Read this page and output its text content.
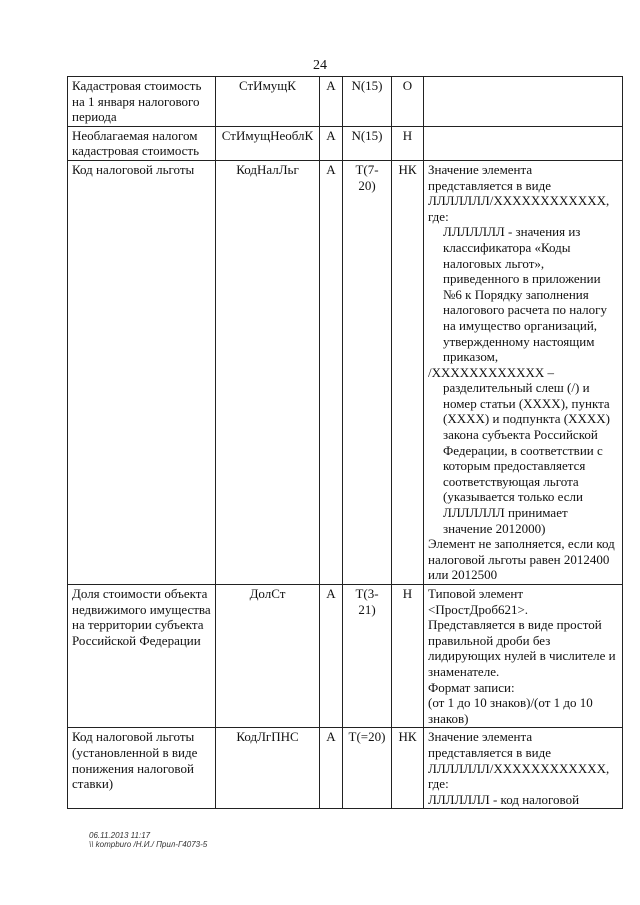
24
Кадастровая стоимость на 1 января налогового периода	СтИмущК	А	N(15)	О	
Необлагаемая налогом кадастровая стоимость	СтИмущНеоблК	А	N(15)	Н	
Код налоговой льготы	КодНалЛьг	А	Т(7-20)	НК	Значение элемента представляется в виде ЛЛЛЛЛЛЛ/ХХХХХХХХХХХХ, где:
ЛЛЛЛЛЛЛ - значения из классификатора «Коды налоговых льгот», приведенного в приложении №6 к Порядку заполнения налогового расчета по налогу на имущество организаций, утвержденному настоящим приказом,
/ХХХХХХХХХХХХ –
разделительный слеш (/) и номер статьи (ХХХХ), пункта (ХХХХ) и подпункта (ХХХХ) закона субъекта Российской Федерации, в соответствии с которым предоставляется соответствующая льгота (указывается только если ЛЛЛЛЛЛЛ принимает значение 2012000)
Элемент не заполняется, если код налоговой льготы равен 2012400 или 2012500

Доля стоимости объекта недвижимого имущества на территории субъекта Российской Федерации	ДолСт	А	Т(3-21)	Н	Типовой элемент <ПростДроб621>.
Представляется в виде простой правильной дроби без лидирующих нулей в числителе и знаменателе.
Формат записи:
(от 1 до 10 знаков)/(от 1 до 10 знаков)

Код налоговой льготы (установленной в виде понижения налоговой ставки)	КодЛгПНС	А	Т(=20)	НК	Значение элемента представляется в виде ЛЛЛЛЛЛЛ/ХХХХХХХХХХХХ, где:
ЛЛЛЛЛЛЛ - код налоговой
06.11.2013 11:17
\\ kompburo /Н.И./ Прил-Г4073-5
